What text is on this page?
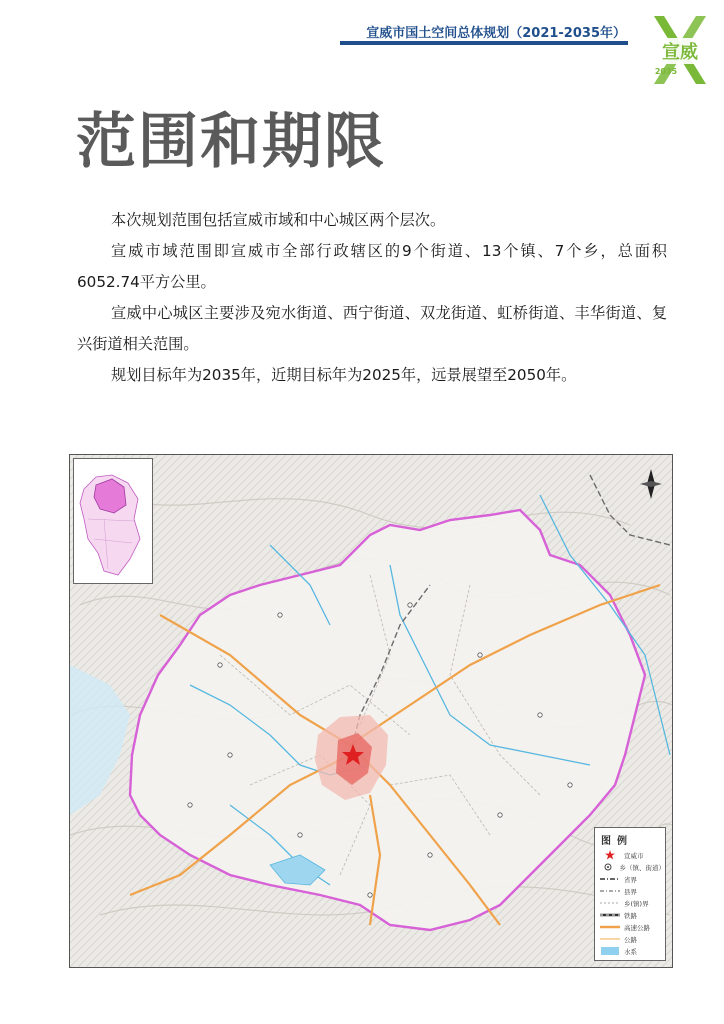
宣威市国土空间总体规划（2021-2035年）
宣威
2035
范围和期限

本次规划范围包括宣威市域和中心城区两个层次。

宣威市域范围即宣威市全部行政辖区的9个街道、13个镇、7个乡，总面积6052.74平方公里。

宣威中心城区主要涉及宛水街道、西宁街道、双龙街道、虹桥街道、丰华街道、复兴街道相关范围。

规划目标年为2035年，近期目标年为2025年，远景展望至2050年。

图例
宣威市
乡（镇、街道）
省界
县界
乡(镇)界
铁路
高速公路
公路
水系
